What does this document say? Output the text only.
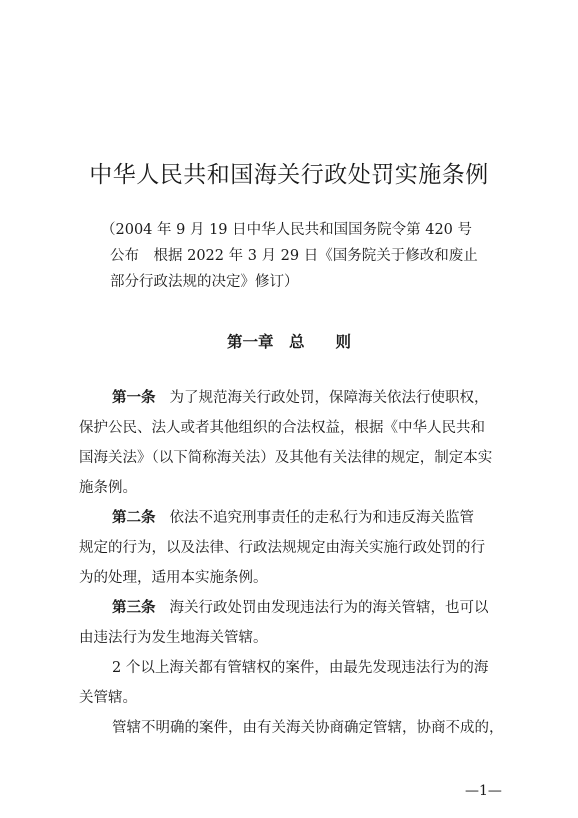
中华人民共和国海关行政处罚实施条例
（2004 年 9 月 19 日中华人民共和国国务院令第 420 号
公布　根据 2022 年 3 月 29 日《国务院关于修改和废止
部分行政法规的决定》修订）
第一章　总　　则
第一条 为了规范海关行政处罚，保障海关依法行使职权，
保护公民、法人或者其他组织的合法权益，根据《中华人民共和
国海关法》（以下简称海关法）及其他有关法律的规定，制定本实
施条例。
第二条 依法不追究刑事责任的走私行为和违反海关监管
规定的行为，以及法律、行政法规规定由海关实施行政处罚的行
为的处理，适用本实施条例。
第三条 海关行政处罚由发现违法行为的海关管辖，也可以
由违法行为发生地海关管辖。
2 个以上海关都有管辖权的案件，由最先发现违法行为的海
关管辖。
管辖不明确的案件，由有关海关协商确定管辖，协商不成的，
—1—
